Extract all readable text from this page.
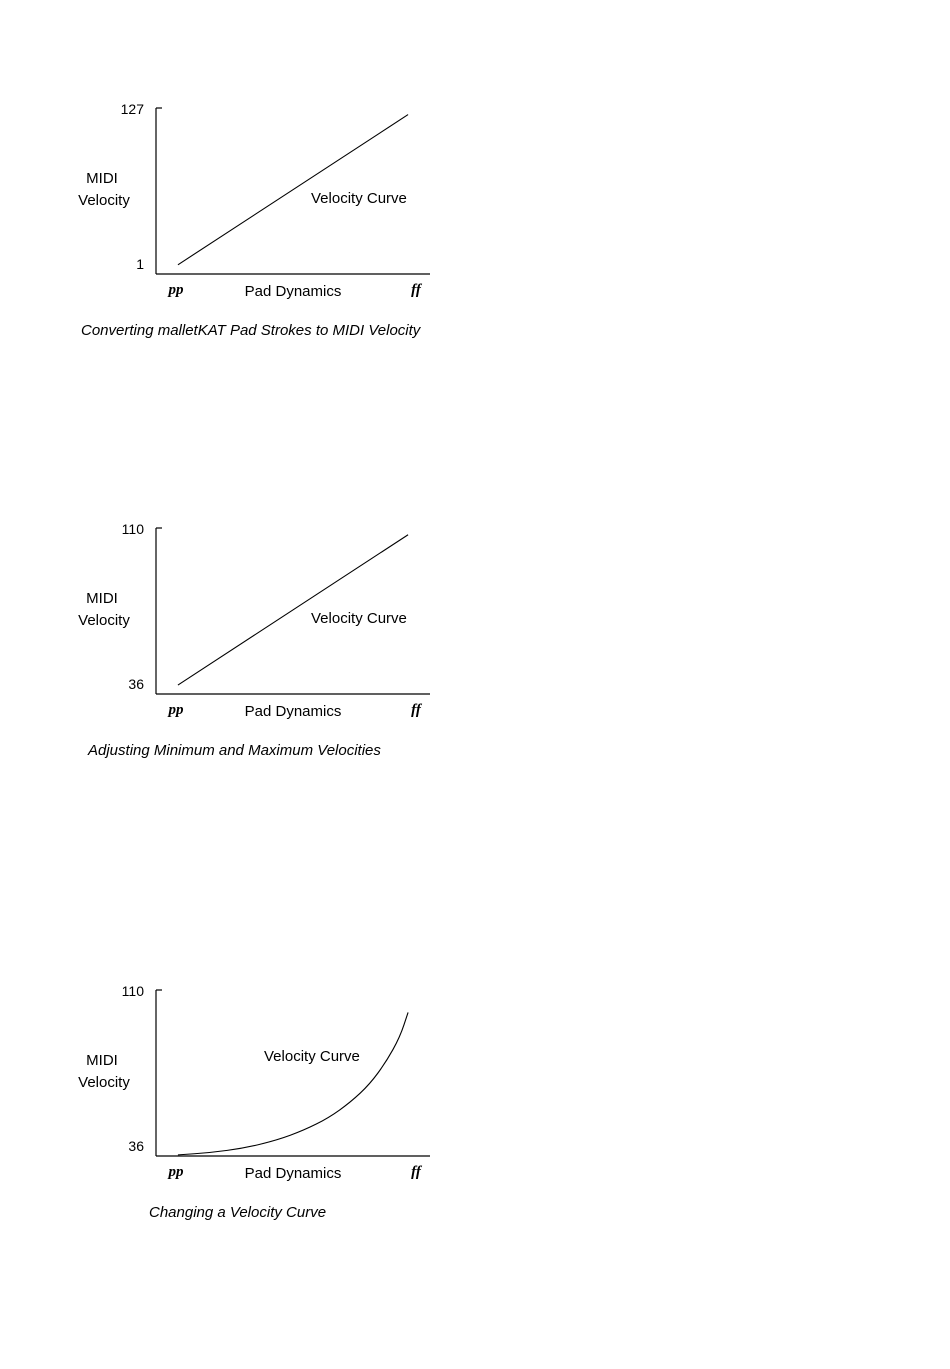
127
1
MIDI
Velocity
pp	Pad Dynamics	ff
Velocity Curve
Converting malletKAT Pad Strokes to MIDI Velocity
110
36
MIDI
Velocity
pp	Pad Dynamics	ff
Velocity Curve
Adjusting Minimum and Maximum Velocities
110
36
MIDI
Velocity
pp	Pad Dynamics	ff
Velocity Curve
Changing a Velocity Curve
